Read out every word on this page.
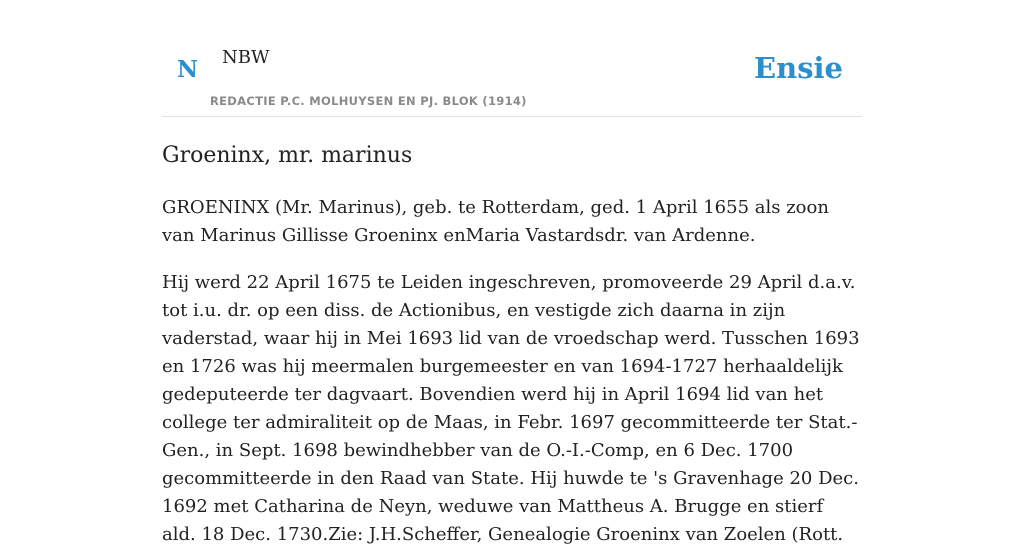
N NBW
REDACTIE P.C. MOLHUYSEN EN PJ. BLOK (1914)
Ensie
Groeninx, mr. marinus

GROENINX (Mr. Marinus), geb. te Rotterdam, ged. 1 April 1655 als zoon van Marinus Gillisse Groeninx enMaria Vastardsdr. van Ardenne.

Hij werd 22 April 1675 te Leiden ingeschreven, promoveerde 29 April d.a.v. tot i.u. dr. op een diss. de Actionibus, en vestigde zich daarna in zijn vaderstad, waar hij in Mei 1693 lid van de vroedschap werd. Tusschen 1693 en 1726 was hij meermalen burgemeester en van 1694-1727 herhaaldelijk gedeputeerde ter dagvaart. Bovendien werd hij in April 1694 lid van het college ter admiraliteit op de Maas, in Febr. 1697 gecommitteerde ter Stat.-Gen., in Sept. 1698 bewindhebber van de O.-I.-Comp, en 6 Dec. 1700 gecommitteerde in den Raad van State. Hij huwde te 's Gravenhage 20 Dec. 1692 met Catharina de Neyn, weduwe van Mattheus A. Brugge en stierf ald. 18 Dec. 1730.Zie: J.H.Scheffer, Genealogie Groeninx van Zoelen (Rott.
